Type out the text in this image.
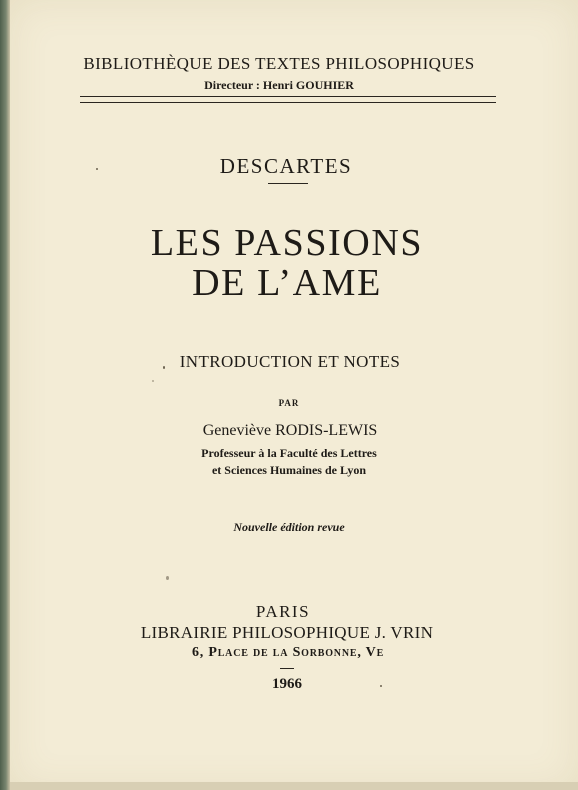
BIBLIOTHÈQUE DES TEXTES PHILOSOPHIQUES
Directeur : Henri GOUHIER
DESCARTES
LES PASSIONS
DE L’AME
INTRODUCTION ET NOTES
PAR
Geneviève RODIS-LEWIS
Professeur à la Faculté des Lettres
et Sciences Humaines de Lyon
Nouvelle édition revue
PARIS
LIBRAIRIE PHILOSOPHIQUE J. VRIN
6, Place de la Sorbonne, Ve
1966
